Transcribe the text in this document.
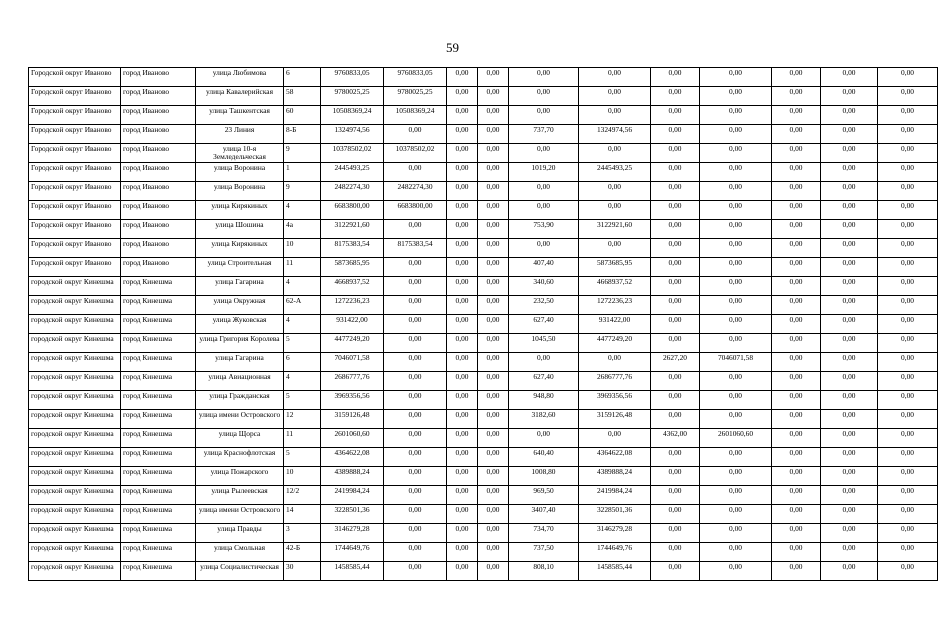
59
Городской округ Иваново	город Иваново	улица Любимова	6	9760833,05	9760833,05	0,00	0,00	0,00	0,00	0,00	0,00	0,00	0,00	0,00
Городской округ Иваново	город Иваново	улица Кавалерийская	58	9780025,25	9780025,25	0,00	0,00	0,00	0,00	0,00	0,00	0,00	0,00	0,00
Городской округ Иваново	город Иваново	улица Ташкентская	60	10508369,24	10508369,24	0,00	0,00	0,00	0,00	0,00	0,00	0,00	0,00	0,00
Городской округ Иваново	город Иваново	23 Линия	8-Б	1324974,56	0,00	0,00	0,00	737,70	1324974,56	0,00	0,00	0,00	0,00	0,00
Городской округ Иваново	город Иваново	улица 10-я Земледельческая	9	10378502,02	10378502,02	0,00	0,00	0,00	0,00	0,00	0,00	0,00	0,00	0,00
Городской округ Иваново	город Иваново	улица Воронина	1	2445493,25	0,00	0,00	0,00	1019,20	2445493,25	0,00	0,00	0,00	0,00	0,00
Городской округ Иваново	город Иваново	улица Воронина	9	2482274,30	2482274,30	0,00	0,00	0,00	0,00	0,00	0,00	0,00	0,00	0,00
Городской округ Иваново	город Иваново	улица Кирякиных	4	6683800,00	6683800,00	0,00	0,00	0,00	0,00	0,00	0,00	0,00	0,00	0,00
Городской округ Иваново	город Иваново	улица Шошина	4а	3122921,60	0,00	0,00	0,00	753,90	3122921,60	0,00	0,00	0,00	0,00	0,00
Городской округ Иваново	город Иваново	улица Кирякиных	10	8175383,54	8175383,54	0,00	0,00	0,00	0,00	0,00	0,00	0,00	0,00	0,00
Городской округ Иваново	город Иваново	улица Строительная	11	5873685,95	0,00	0,00	0,00	407,40	5873685,95	0,00	0,00	0,00	0,00	0,00
городской округ Кинешма	город Кинешма	улица Гагарина	4	4668937,52	0,00	0,00	0,00	340,60	4668937,52	0,00	0,00	0,00	0,00	0,00
городской округ Кинешма	город Кинешма	улица Окружная	62-А	1272236,23	0,00	0,00	0,00	232,50	1272236,23	0,00	0,00	0,00	0,00	0,00
городской округ Кинешма	город Кинешма	улица Жуковская	4	931422,00	0,00	0,00	0,00	627,40	931422,00	0,00	0,00	0,00	0,00	0,00
городской округ Кинешма	город Кинешма	улица Григория Королева	5	4477249,20	0,00	0,00	0,00	1045,50	4477249,20	0,00	0,00	0,00	0,00	0,00
городской округ Кинешма	город Кинешма	улица Гагарина	6	7046071,58	0,00	0,00	0,00	0,00	0,00	2627,20	7046071,58	0,00	0,00	0,00
городской округ Кинешма	город Кинешма	улица Авиационная	4	2686777,76	0,00	0,00	0,00	627,40	2686777,76	0,00	0,00	0,00	0,00	0,00
городской округ Кинешма	город Кинешма	улица Гражданская	5	3969356,56	0,00	0,00	0,00	948,80	3969356,56	0,00	0,00	0,00	0,00	0,00
городской округ Кинешма	город Кинешма	улица имени Островского	12	3159126,48	0,00	0,00	0,00	3182,60	3159126,48	0,00	0,00	0,00	0,00	0,00
городской округ Кинешма	город Кинешма	улица Щорса	11	2601060,60	0,00	0,00	0,00	0,00	0,00	4362,00	2601060,60	0,00	0,00	0,00
городской округ Кинешма	город Кинешма	улица Краснофлотская	5	4364622,08	0,00	0,00	0,00	640,40	4364622,08	0,00	0,00	0,00	0,00	0,00
городской округ Кинешма	город Кинешма	улица Пожарского	10	4389888,24	0,00	0,00	0,00	1008,80	4389888,24	0,00	0,00	0,00	0,00	0,00
городской округ Кинешма	город Кинешма	улица Рылеевская	12/2	2419984,24	0,00	0,00	0,00	969,50	2419984,24	0,00	0,00	0,00	0,00	0,00
городской округ Кинешма	город Кинешма	улица имени Островского	14	3228501,36	0,00	0,00	0,00	3407,40	3228501,36	0,00	0,00	0,00	0,00	0,00
городской округ Кинешма	город Кинешма	улица Правды	3	3146279,28	0,00	0,00	0,00	734,70	3146279,28	0,00	0,00	0,00	0,00	0,00
городской округ Кинешма	город Кинешма	улица Смольная	42-Б	1744649,76	0,00	0,00	0,00	737,50	1744649,76	0,00	0,00	0,00	0,00	0,00
городской округ Кинешма	город Кинешма	улица Социалистическая	30	1458585,44	0,00	0,00	0,00	808,10	1458585,44	0,00	0,00	0,00	0,00	0,00
